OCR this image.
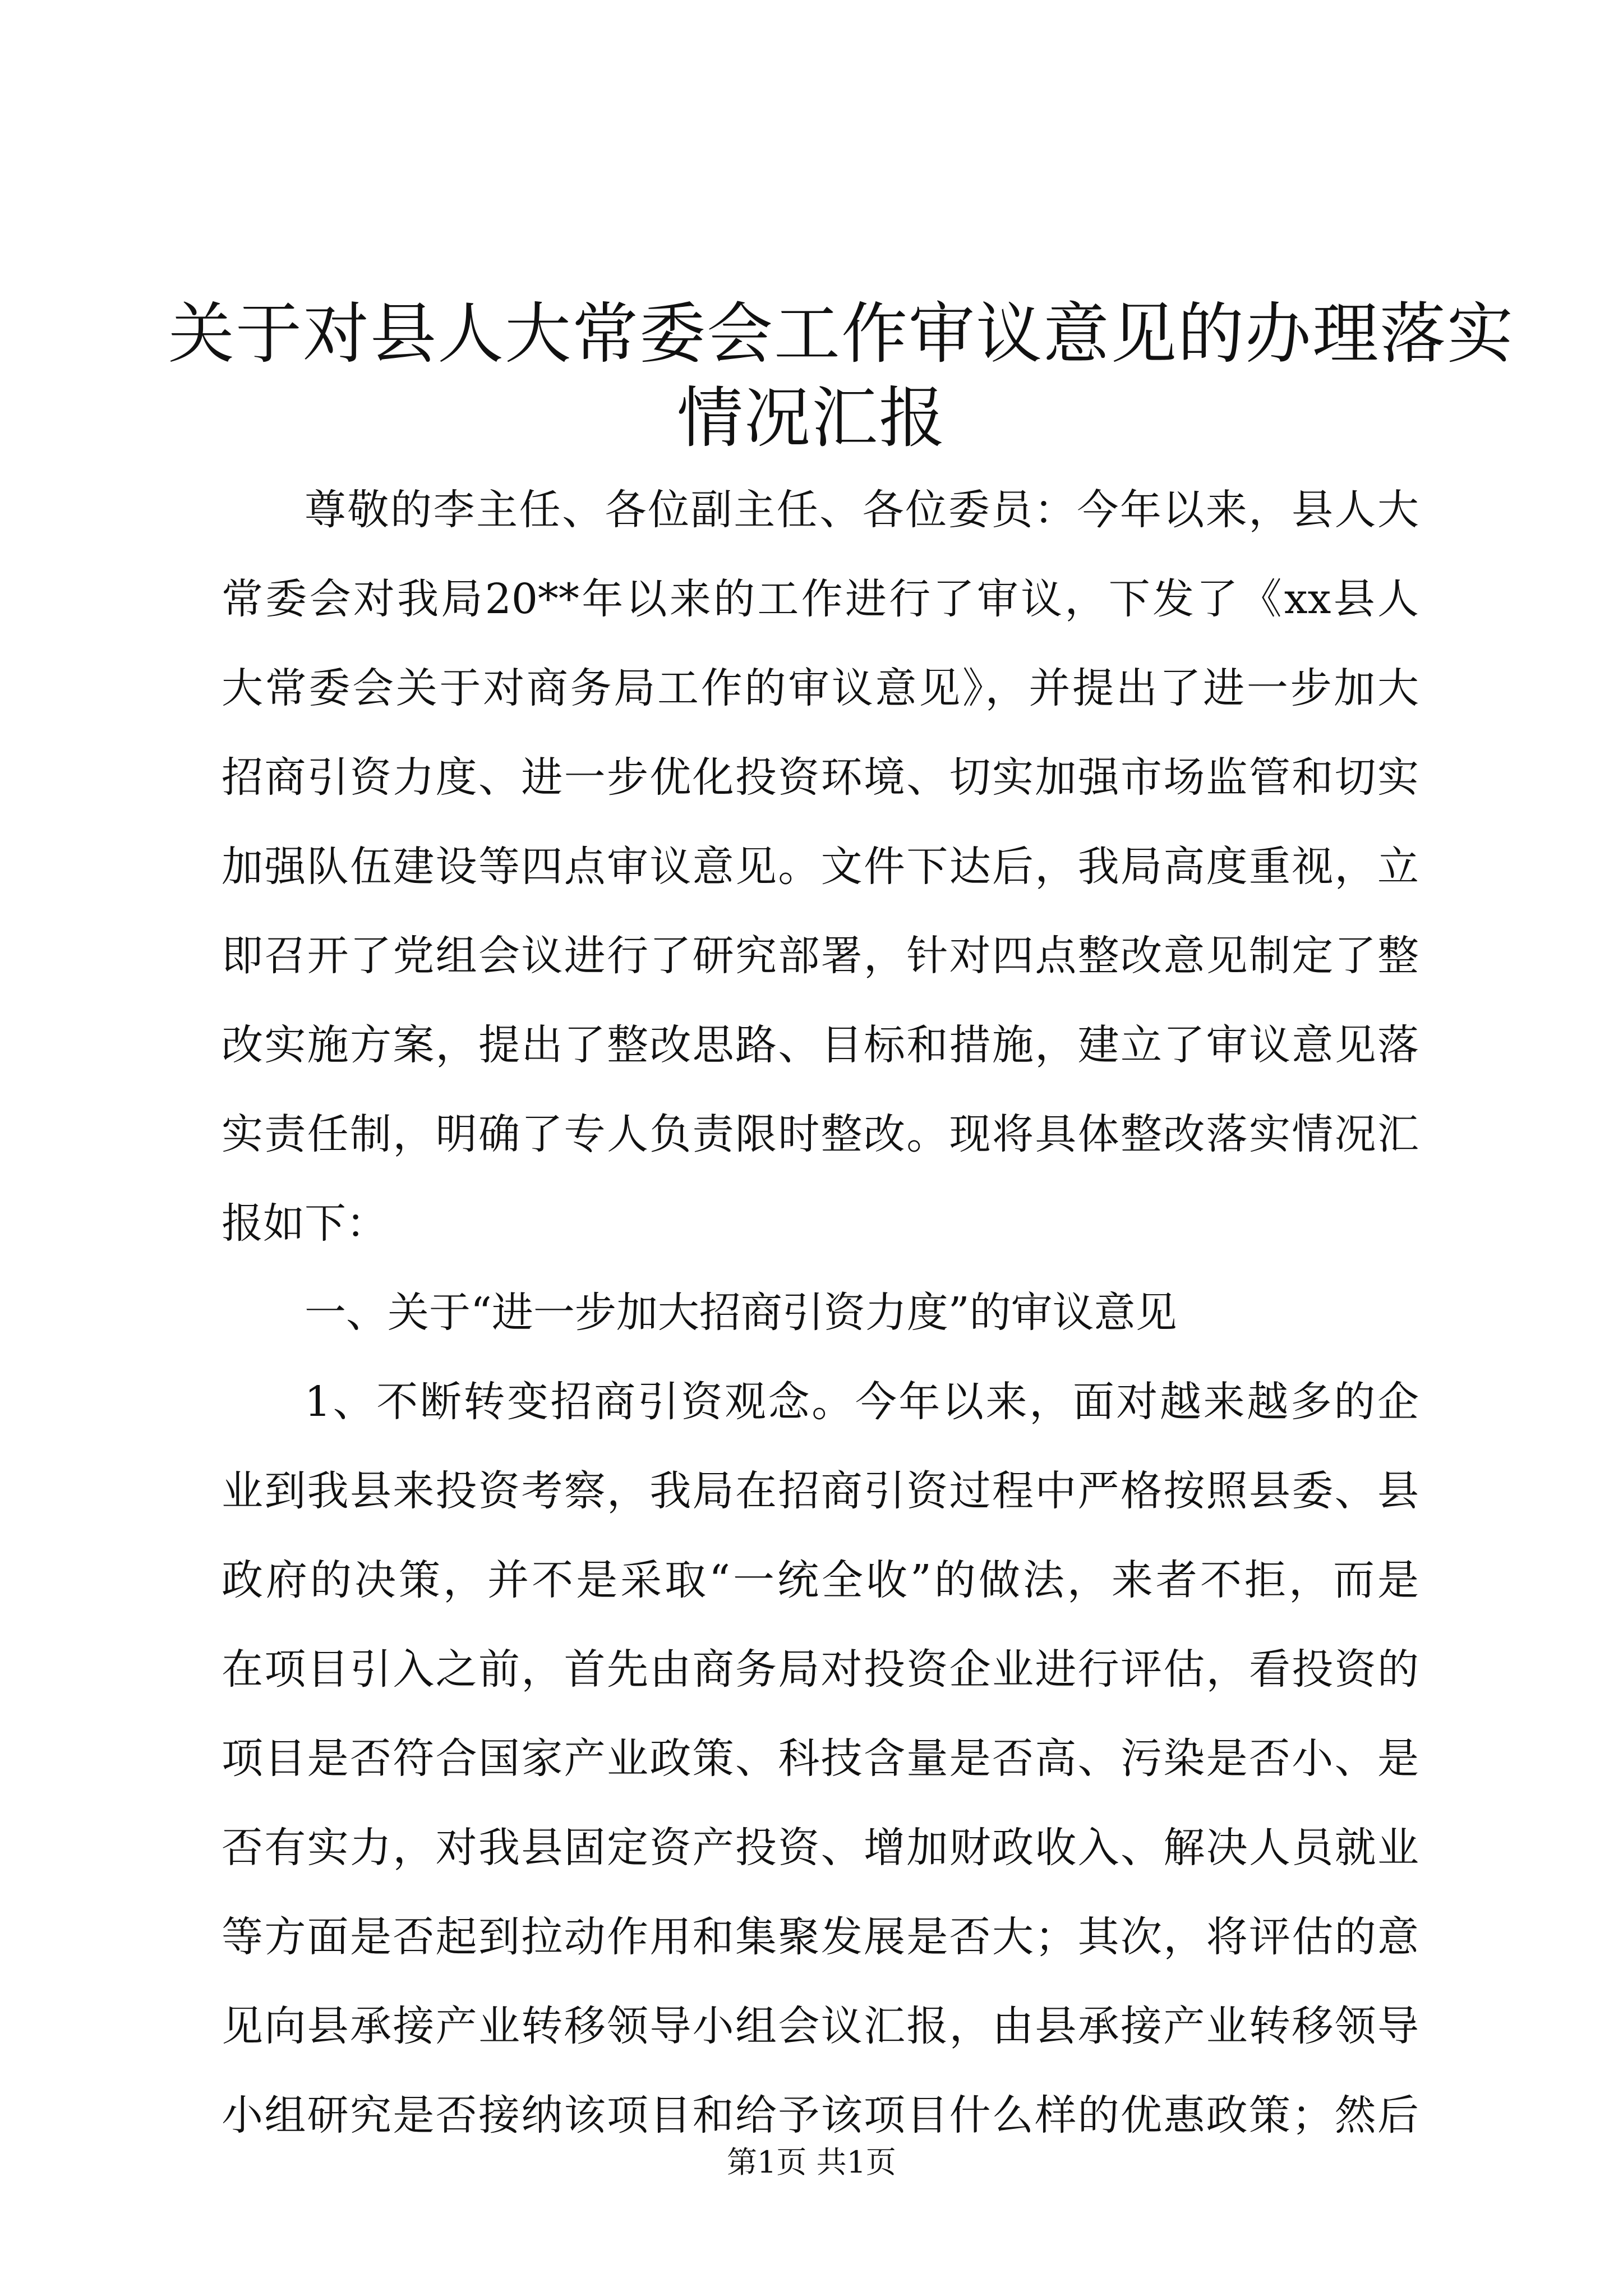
关于对县人大常委会工作审议意见的办理落实
情况汇报
尊敬的李主任、各位副主任、各位委员：今年以来，县人大
常委会对我局20**年以来的工作进行了审议，下发了《xx县人
大常委会关于对商务局工作的审议意见》，并提出了进一步加大
招商引资力度、进一步优化投资环境、切实加强市场监管和切实
加强队伍建设等四点审议意见。文件下达后，我局高度重视，立
即召开了党组会议进行了研究部署，针对四点整改意见制定了整
改实施方案，提出了整改思路、目标和措施，建立了审议意见落
实责任制，明确了专人负责限时整改。现将具体整改落实情况汇
报如下：
一、关于“进一步加大招商引资力度”的审议意见
1、不断转变招商引资观念。今年以来，面对越来越多的企
业到我县来投资考察，我局在招商引资过程中严格按照县委、县
政府的决策，并不是采取“一统全收”的做法，来者不拒，而是
在项目引入之前，首先由商务局对投资企业进行评估，看投资的
项目是否符合国家产业政策、科技含量是否高、污染是否小、是
否有实力，对我县固定资产投资、增加财政收入、解决人员就业
等方面是否起到拉动作用和集聚发展是否大；其次，将评估的意
见向县承接产业转移领导小组会议汇报，由县承接产业转移领导
小组研究是否接纳该项目和给予该项目什么样的优惠政策；然后
第1页 共1页
